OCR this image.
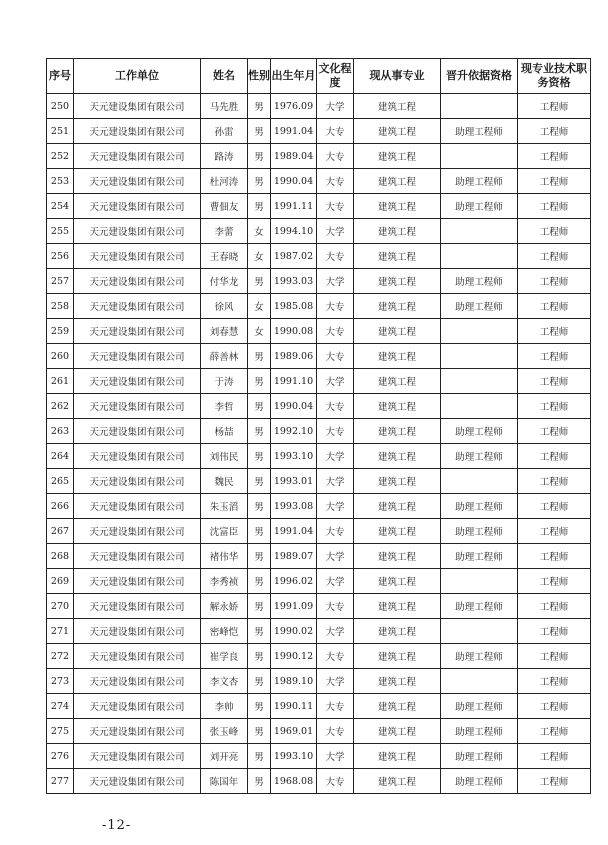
序号	工作单位	姓名	性别	出生年月	文化程度	现从事专业	晋升依据资格	现专业技术职务资格
250	天元建设集团有限公司	马先胜	男	1976.09	大学	建筑工程		工程师
251	天元建设集团有限公司	孙雷	男	1991.04	大专	建筑工程	助理工程师	工程师
252	天元建设集团有限公司	路涛	男	1989.04	大专	建筑工程		工程师
253	天元建设集团有限公司	杜河涛	男	1990.04	大专	建筑工程	助理工程师	工程师
254	天元建设集团有限公司	曹佃友	男	1991.11	大专	建筑工程	助理工程师	工程师
255	天元建设集团有限公司	李蕾	女	1994.10	大学	建筑工程		工程师
256	天元建设集团有限公司	王春晓	女	1987.02	大专	建筑工程		工程师
257	天元建设集团有限公司	付华龙	男	1993.03	大学	建筑工程	助理工程师	工程师
258	天元建设集团有限公司	徐风	女	1985.08	大专	建筑工程	助理工程师	工程师
259	天元建设集团有限公司	刘春慧	女	1990.08	大专	建筑工程		工程师
260	天元建设集团有限公司	薛善林	男	1989.06	大专	建筑工程		工程师
261	天元建设集团有限公司	于涛	男	1991.10	大学	建筑工程		工程师
262	天元建设集团有限公司	李哲	男	1990.04	大专	建筑工程		工程师
263	天元建设集团有限公司	杨喆	男	1992.10	大专	建筑工程	助理工程师	工程师
264	天元建设集团有限公司	刘伟民	男	1993.10	大学	建筑工程	助理工程师	工程师
265	天元建设集团有限公司	魏民	男	1993.01	大学	建筑工程		工程师
266	天元建设集团有限公司	朱玉滔	男	1993.08	大学	建筑工程	助理工程师	工程师
267	天元建设集团有限公司	沈富臣	男	1991.04	大专	建筑工程	助理工程师	工程师
268	天元建设集团有限公司	褚伟华	男	1989.07	大学	建筑工程	助理工程师	工程师
269	天元建设集团有限公司	李秀祯	男	1996.02	大学	建筑工程		工程师
270	天元建设集团有限公司	解永娇	男	1991.09	大专	建筑工程	助理工程师	工程师
271	天元建设集团有限公司	密峰恺	男	1990.02	大学	建筑工程		工程师
272	天元建设集团有限公司	崔学良	男	1990.12	大专	建筑工程	助理工程师	工程师
273	天元建设集团有限公司	李文杏	男	1989.10	大学	建筑工程		工程师
274	天元建设集团有限公司	李帅	男	1990.11	大专	建筑工程	助理工程师	工程师
275	天元建设集团有限公司	张玉峰	男	1969.01	大专	建筑工程	助理工程师	工程师
276	天元建设集团有限公司	刘开亮	男	1993.10	大学	建筑工程	助理工程师	工程师
277	天元建设集团有限公司	陈国年	男	1968.08	大专	建筑工程	助理工程师	工程师
-12-
